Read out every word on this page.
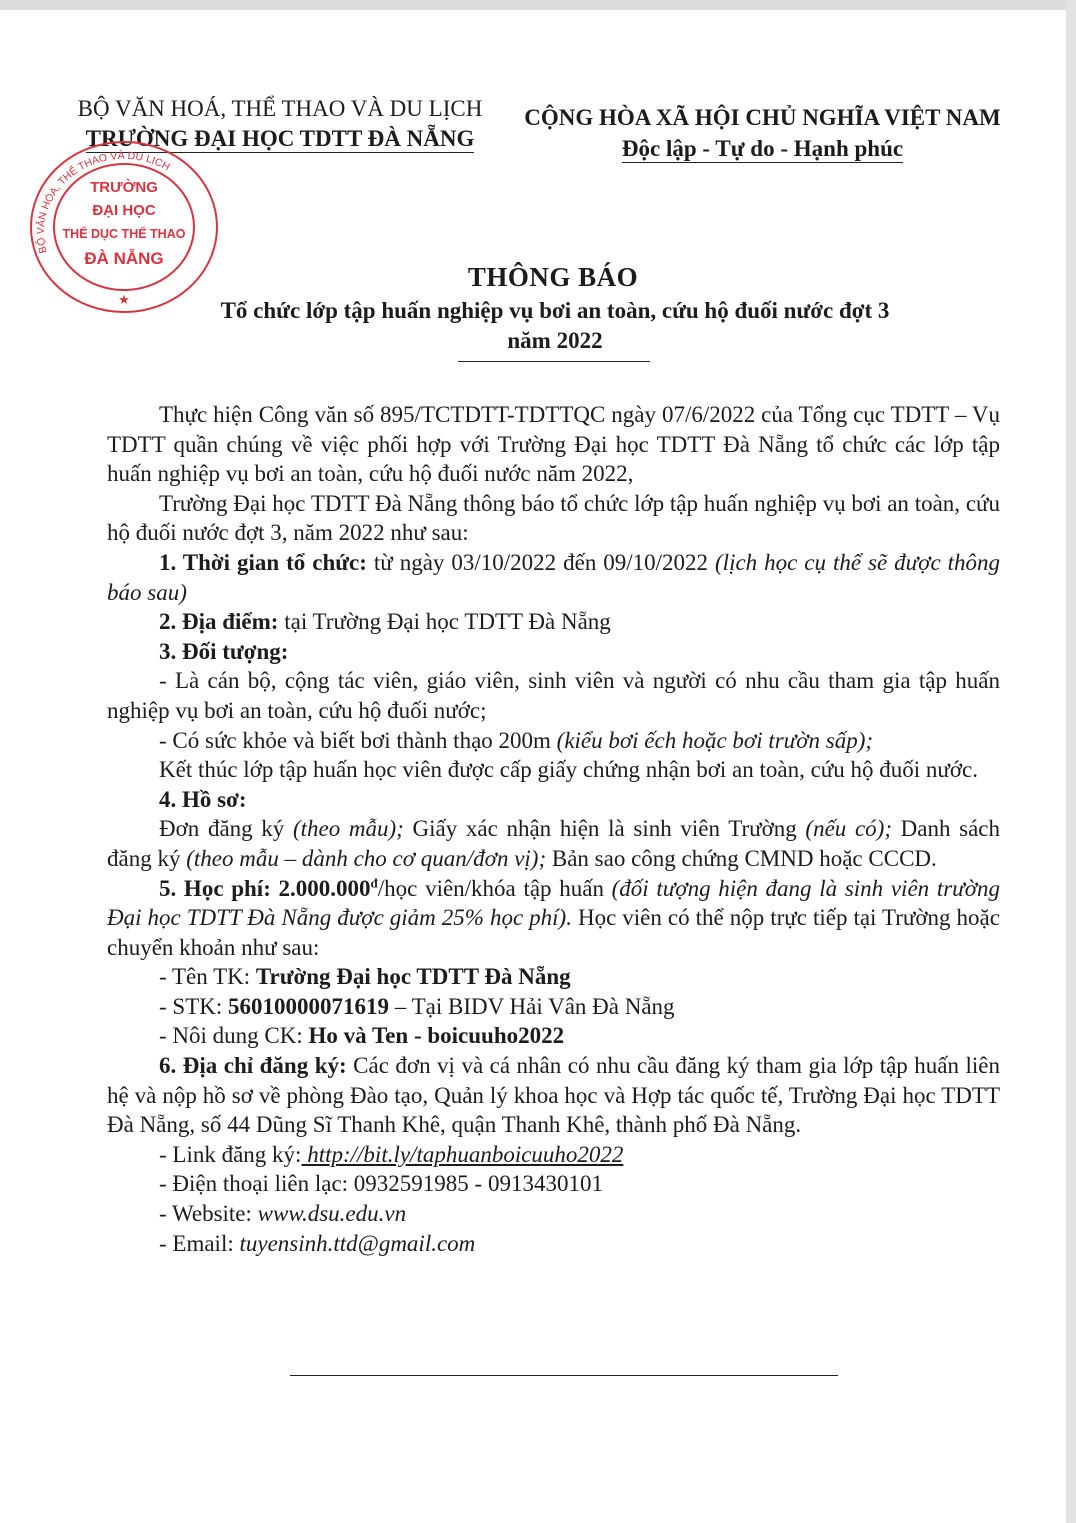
BỘ VĂN HOÁ, THỂ THAO VÀ DU LỊCH
TRƯỜNG ĐẠI HỌC TDTT ĐÀ NẴNG
CỘNG HÒA XÃ HỘI CHỦ NGHĨA VIỆT NAM
Độc lập - Tự do - Hạnh phúc
BỘ VĂN HÓA, THỂ THAO VÀ DU LỊCH
★
TRƯỜNG
ĐẠI HỌC
THỂ DỤC THỂ THAO
ĐÀ NẴNG
THÔNG BÁO
Tổ chức lớp tập huấn nghiệp vụ bơi an toàn, cứu hộ đuối nước đợt 3
năm 2022

Thực hiện Công văn số 895/TCTDTT-TDTTQC ngày 07/6/2022 của Tổng cục TDTT – Vụ TDTT quần chúng về việc phối hợp với Trường Đại học TDTT Đà Nẵng tổ chức các lớp tập huấn nghiệp vụ bơi an toàn, cứu hộ đuối nước năm 2022,

Trường Đại học TDTT Đà Nẵng thông báo tổ chức lớp tập huấn nghiệp vụ bơi an toàn, cứu hộ đuối nước đợt 3, năm 2022 như sau:

1. Thời gian tổ chức: từ ngày 03/10/2022 đến 09/10/2022 (lịch học cụ thể sẽ được thông báo sau)

2. Địa điểm: tại Trường Đại học TDTT Đà Nẵng

3. Đối tượng:

- Là cán bộ, cộng tác viên, giáo viên, sinh viên và người có nhu cầu tham gia tập huấn nghiệp vụ bơi an toàn, cứu hộ đuối nước;

- Có sức khỏe và biết bơi thành thạo 200m (kiểu bơi ếch hoặc bơi trườn sấp);

Kết thúc lớp tập huấn học viên được cấp giấy chứng nhận bơi an toàn, cứu hộ đuối nước.

4. Hồ sơ:

Đơn đăng ký (theo mẫu); Giấy xác nhận hiện là sinh viên Trường (nếu có); Danh sách đăng ký (theo mẫu – dành cho cơ quan/đơn vị); Bản sao công chứng CMND hoặc CCCD.

5. Học phí: $2.000.000^đ$/học viên/khóa tập huấn (đối tượng hiện đang là sinh viên trường Đại học TDTT Đà Nẵng được giảm 25% học phí). Học viên có thể nộp trực tiếp tại Trường hoặc chuyển khoản như sau:

- Tên TK: Trường Đại học TDTT Đà Nẵng

- STK: 56010000071619 – Tại BIDV Hải Vân Đà Nẵng

- Nôi dung CK: Ho và Ten - boicuuho2022

6. Địa chỉ đăng ký: Các đơn vị và cá nhân có nhu cầu đăng ký tham gia lớp tập huấn liên hệ và nộp hồ sơ về phòng Đào tạo, Quản lý khoa học và Hợp tác quốc tế, Trường Đại học TDTT Đà Nẵng, số 44 Dũng Sĩ Thanh Khê, quận Thanh Khê, thành phố Đà Nẵng.

- Link đăng ký: http://bit.ly/taphuanboicuuho2022

- Điện thoại liên lạc: 0932591985 - 0913430101

- Website: www.dsu.edu.vn

- Email: tuyensinh.ttd@gmail.com
